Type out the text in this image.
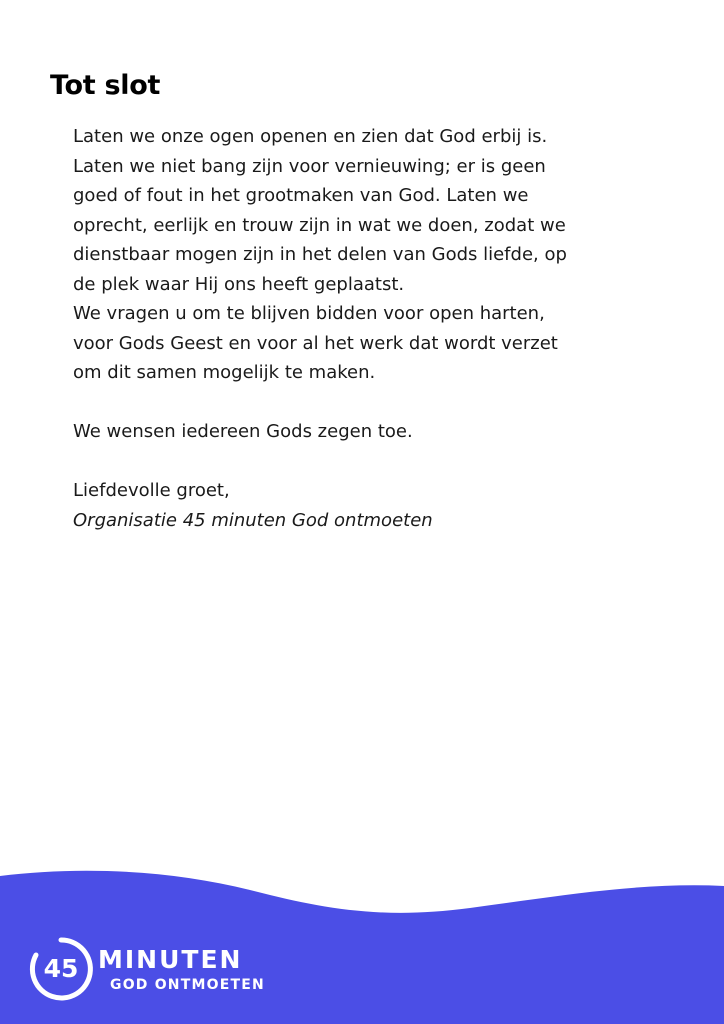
Tot slot

Laten we onze ogen openen en zien dat God erbij is.

Laten we niet bang zijn voor vernieuwing; er is geen

goed of fout in het grootmaken van God. Laten we

oprecht, eerlijk en trouw zijn in wat we doen, zodat we

dienstbaar mogen zijn in het delen van Gods liefde, op

de plek waar Hij ons heeft geplaatst.

We vragen u om te blijven bidden voor open harten,

voor Gods Geest en voor al het werk dat wordt verzet

om dit samen mogelijk te maken.

We wensen iedereen Gods zegen toe.

Liefdevolle groet,

Organisatie 45 minuten God ontmoeten

45 MINUTEN
GOD ONTMOETEN
